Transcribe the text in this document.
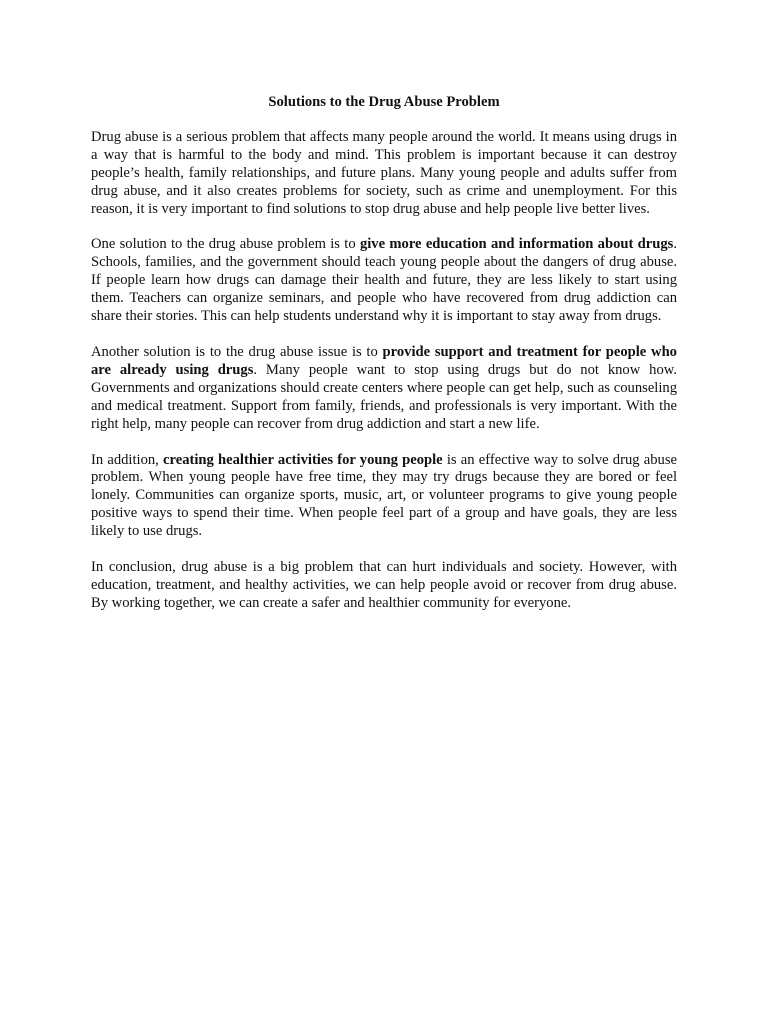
Solutions to the Drug Abuse Problem

Drug abuse is a serious problem that affects many people around the world. It means using drugs in a way that is harmful to the body and mind. This problem is important because it can destroy people’s health, family relationships, and future plans. Many young people and adults suffer from drug abuse, and it also creates problems for society, such as crime and unemployment. For this reason, it is very important to find solutions to stop drug abuse and help people live better lives.

One solution to the drug abuse problem is to give more education and information about drugs. Schools, families, and the government should teach young people about the dangers of drug abuse. If people learn how drugs can damage their health and future, they are less likely to start using them. Teachers can organize seminars, and people who have recovered from drug addiction can share their stories. This can help students understand why it is important to stay away from drugs.

Another solution is to the drug abuse issue is to provide support and treatment for people who are already using drugs. Many people want to stop using drugs but do not know how. Governments and organizations should create centers where people can get help, such as counseling and medical treatment. Support from family, friends, and professionals is very important. With the right help, many people can recover from drug addiction and start a new life.

In addition, creating healthier activities for young people is an effective way to solve drug abuse problem. When young people have free time, they may try drugs because they are bored or feel lonely. Communities can organize sports, music, art, or volunteer programs to give young people positive ways to spend their time. When people feel part of a group and have goals, they are less likely to use drugs.

In conclusion, drug abuse is a big problem that can hurt individuals and society. However, with education, treatment, and healthy activities, we can help people avoid or recover from drug abuse. By working together, we can create a safer and healthier community for everyone.
